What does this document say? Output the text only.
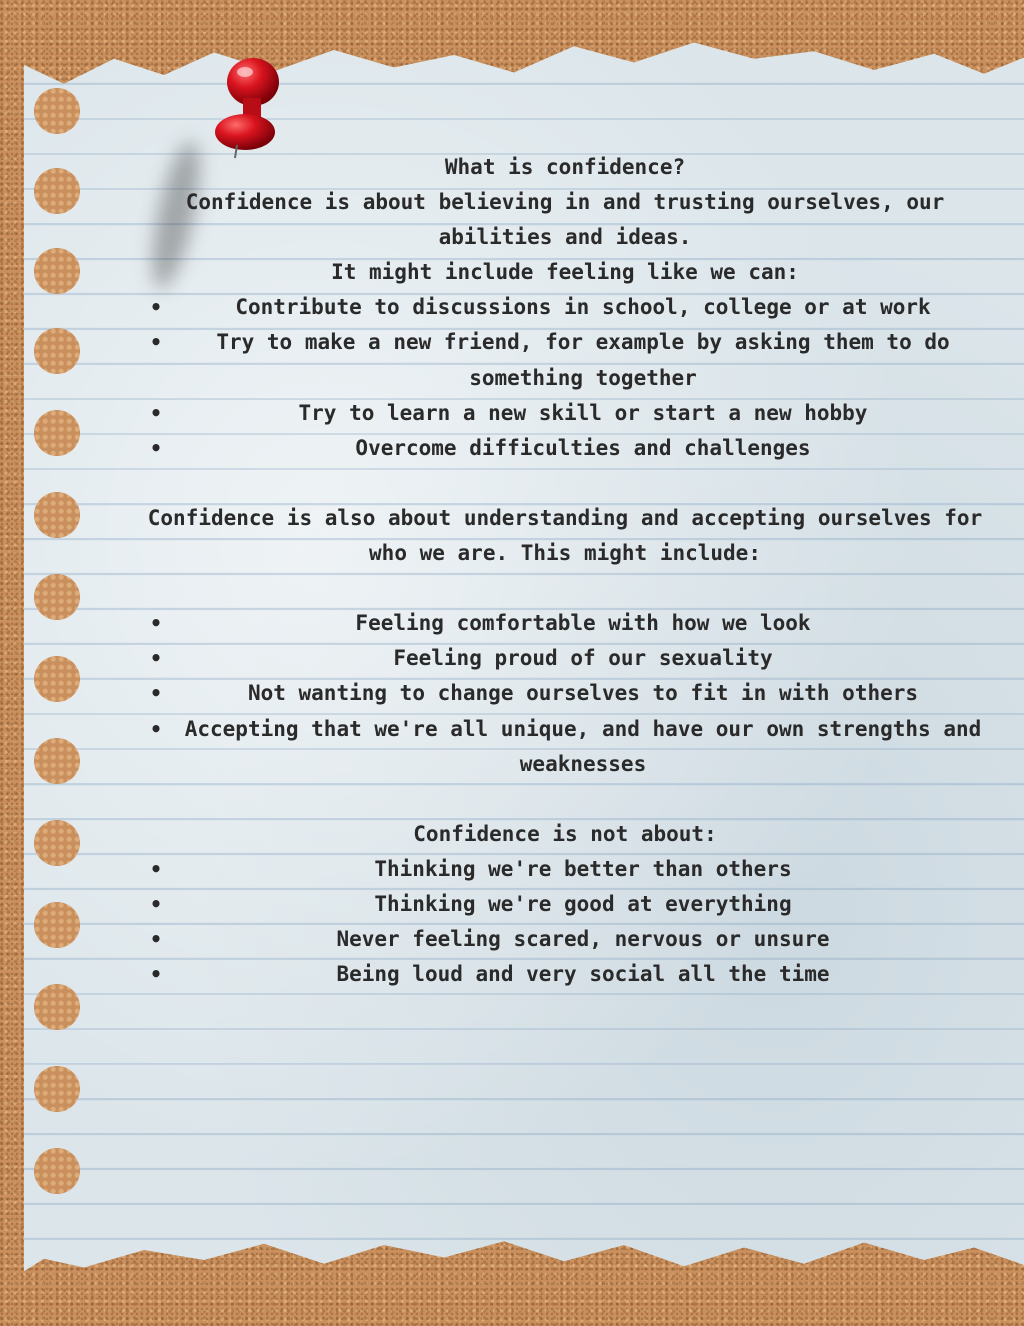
What is confidence?

Confidence is about believing in and trusting ourselves, our abilities and ideas.

It might include feeling like we can:

• Contribute to discussions in school, college or at work
• Try to make a new friend, for example by asking them to do something together
• Try to learn a new skill or start a new hobby
• Overcome difficulties and challenges

Confidence is also about understanding and accepting ourselves for who we are. This might include:

• Feeling comfortable with how we look
• Feeling proud of our sexuality
• Not wanting to change ourselves to fit in with others
• Accepting that we're all unique, and have our own strengths and weaknesses

Confidence is not about:

• Thinking we're better than others
• Thinking we're good at everything
• Never feeling scared, nervous or unsure
• Being loud and very social all the time
